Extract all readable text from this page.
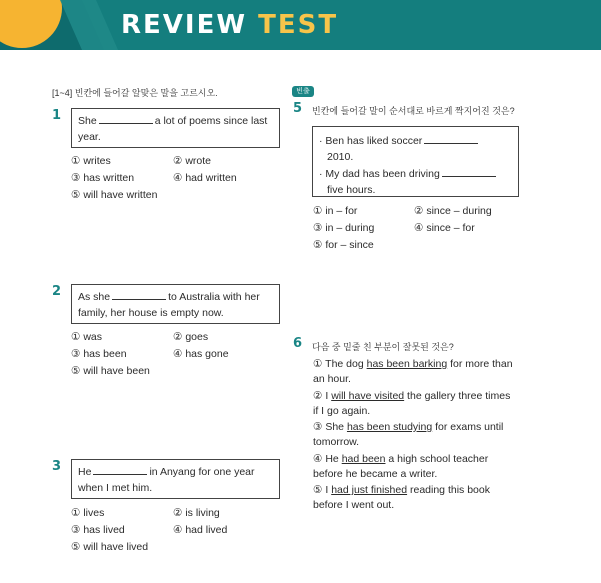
REVIEW TEST
[1~4] 빈칸에 들어갈 알맞은 말을 고르시오.
1	She	a lot of poems since last year.
① writes	② wrote
③ has written	④ had written
⑤ will have written
2	As she	to Australia with her family, her house is empty now.
① was	② goes
③ has been	④ has gone
⑤ will have been
3	He	in Anyang for one year when I met him.
① lives	② is living
③ has lived	④ had lived
⑤ will have lived
빈출
5 빈칸에 들어갈 말이 순서대로 바르게 짝지어진 것은?
· Ben has liked soccer
2010.
· My dad has been driving
five hours.
① in – for	② since – during
③ in – during	④ since – for
⑤ for – since
6 다음 중 밑줄 친 부분이 잘못된 것은?
① The dog has been barking for more than an hour.
② I will have visited the gallery three times if I go again.
③ She has been studying for exams until tomorrow.
④ He had been a high school teacher before he became a writer.
⑤ I had just finished reading this book before I went out.
